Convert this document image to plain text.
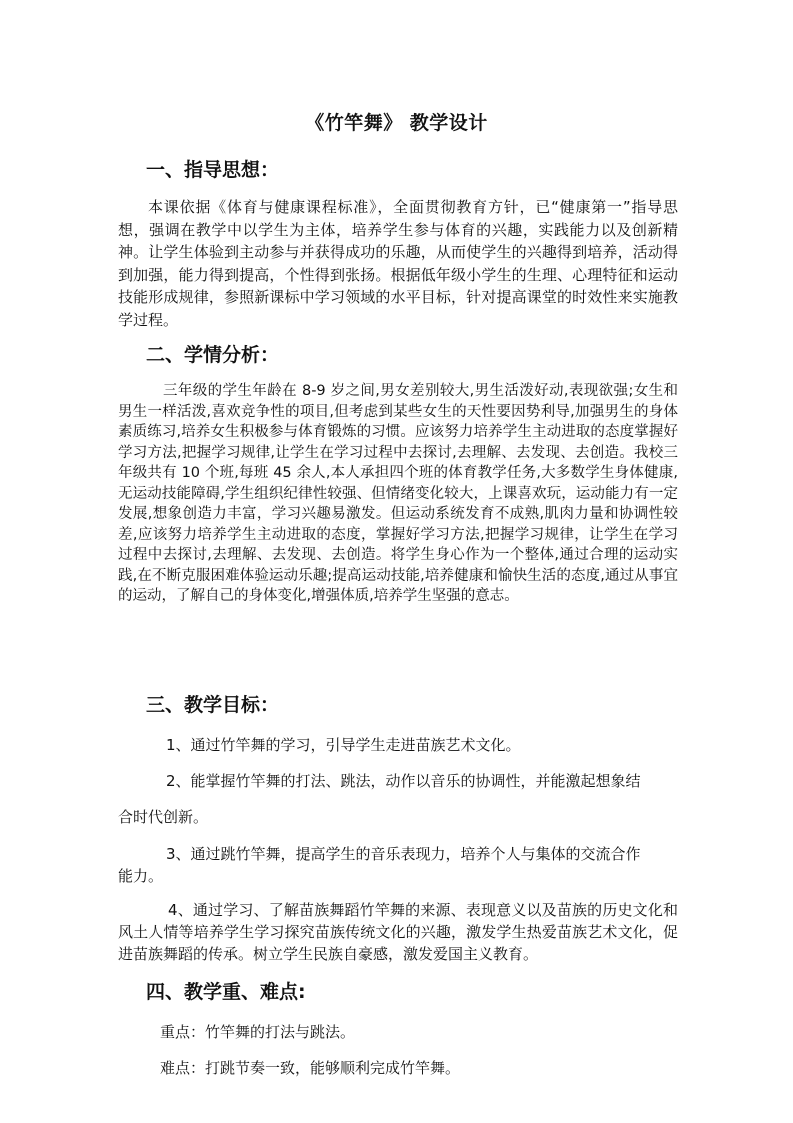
《竹竿舞》 教学设计
一、指导思想：

本课依据《体育与健康课程标准》，全面贯彻教育方针，已“健康第一”指导思想，强调在教学中以学生为主体，培养学生参与体育的兴趣，实践能力以及创新精神。让学生体验到主动参与并获得成功的乐趣，从而使学生的兴趣得到培养，活动得到加强，能力得到提高，个性得到张扬。根据低年级小学生的生理、心理特征和运动技能形成规律，参照新课标中学习领域的水平目标，针对提高课堂的时效性来实施教学过程。

二、学情分析：

三年级的学生年龄在 8-9 岁之间,男女差别较大,男生活泼好动,表现欲强;女生和男生一样活泼,喜欢竞争性的项目,但考虑到某些女生的天性要因势利导,加强男生的身体素质练习,培养女生积极参与体育锻炼的习惯。应该努力培养学生主动进取的态度掌握好学习方法,把握学习规律,让学生在学习过程中去探讨,去理解、去发现、去创造。我校三年级共有 10 个班,每班 45 余人,本人承担四个班的体育教学任务,大多数学生身体健康,无运动技能障碍,学生组织纪律性较强、但情绪变化较大，上课喜欢玩，运动能力有一定发展,想象创造力丰富，学习兴趣易激发。但运动系统发育不成熟,肌肉力量和协调性较差,应该努力培养学生主动进取的态度，掌握好学习方法,把握学习规律，让学生在学习过程中去探讨,去理解、去发现、去创造。将学生身心作为一个整体,通过合理的运动实践,在不断克服困难体验运动乐趣;提高运动技能,培养健康和愉快生活的态度,通过从事宜的运动，了解自己的身体变化,增强体质,培养学生坚强的意志。

三、教学目标：
1、通过竹竿舞的学习，引导学生走进苗族艺术文化。
2、能掌握竹竿舞的打法、跳法，动作以音乐的协调性，并能激起想象结
合时代创新。
3、通过跳竹竿舞，提高学生的音乐表现力，培养个人与集体的交流合作
能力。

4、通过学习、了解苗族舞蹈竹竿舞的来源、表现意义以及苗族的历史文化和风土人情等培养学生学习探究苗族传统文化的兴趣，激发学生热爱苗族艺术文化，促进苗族舞蹈的传承。树立学生民族自豪感，激发爱国主义教育。

四、教学重、难点:
重点：竹竿舞的打法与跳法。
难点：打跳节奏一致，能够顺利完成竹竿舞。
